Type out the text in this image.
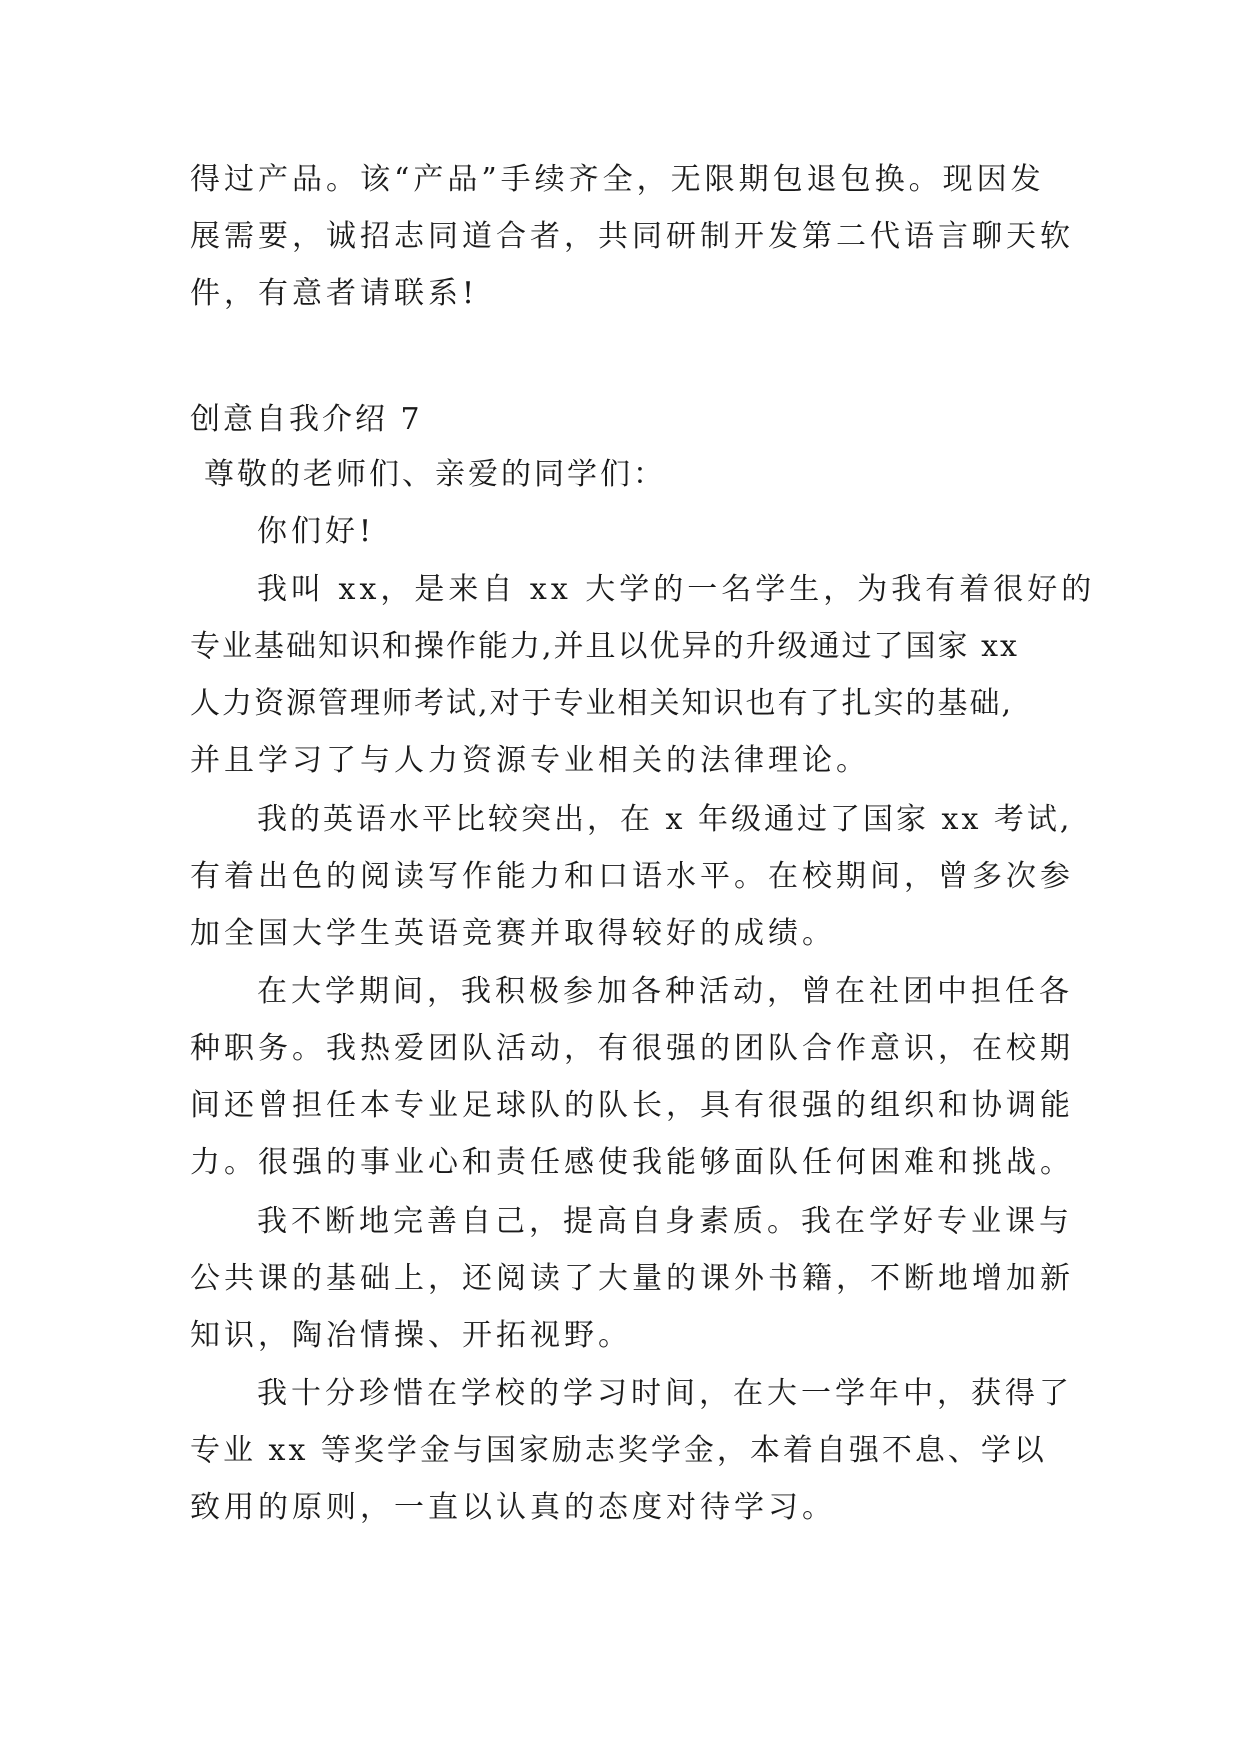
得过产品。该“产品”手续齐全，无限期包退包换。现因发
展需要，诚招志同道合者，共同研制开发第二代语言聊天软
件，有意者请联系!
创意自我介绍 7
尊敬的老师们、亲爱的同学们：
你们好!
我叫 xx，是来自 xx 大学的一名学生，为我有着很好的
专业基础知识和操作能力,并且以优异的升级通过了国家 xx
人力资源管理师考试,对于专业相关知识也有了扎实的基础,
并且学习了与人力资源专业相关的法律理论。
我的英语水平比较突出，在 x 年级通过了国家 xx 考试,
有着出色的阅读写作能力和口语水平。在校期间，曾多次参
加全国大学生英语竞赛并取得较好的成绩。
在大学期间，我积极参加各种活动，曾在社团中担任各
种职务。我热爱团队活动，有很强的团队合作意识，在校期
间还曾担任本专业足球队的队长，具有很强的组织和协调能
力。很强的事业心和责任感使我能够面队任何困难和挑战。
我不断地完善自己，提高自身素质。我在学好专业课与
公共课的基础上，还阅读了大量的课外书籍，不断地增加新
知识，陶冶情操、开拓视野。
我十分珍惜在学校的学习时间，在大一学年中，获得了
专业 xx 等奖学金与国家励志奖学金，本着自强不息、学以
致用的原则，一直以认真的态度对待学习。
